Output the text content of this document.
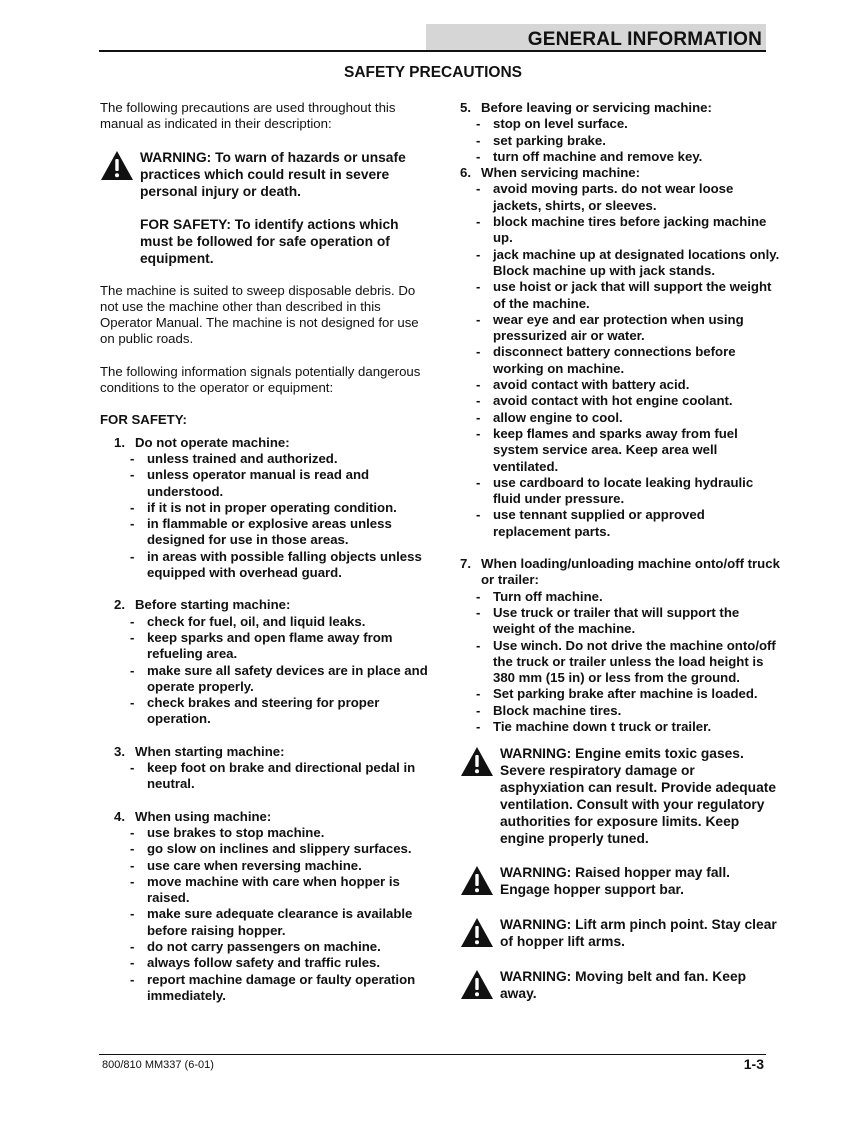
GENERAL INFORMATION
SAFETY PRECAUTIONS

The following precautions are used throughout this manual as indicated in their description:

WARNING: To warn of hazards or unsafe practices which could result in severe personal injury or death.

FOR SAFETY: To identify actions which must be followed for safe operation of equipment.

The machine is suited to sweep disposable debris. Do not use the machine other than described in this Operator Manual. The machine is not designed for use on public roads.

The following information signals potentially dangerous conditions to the operator or equipment:

FOR SAFETY:

1. Do not operate machine:
- unless trained and authorized.
- unless operator manual is read and understood.
- if it is not in proper operating condition.
- in flammable or explosive areas unless designed for use in those areas.
- in areas with possible falling objects unless equipped with overhead guard.
2. Before starting machine:
- check for fuel, oil, and liquid leaks.
- keep sparks and open flame away from refueling area.
- make sure all safety devices are in place and operate properly.
- check brakes and steering for proper operation.
3. When starting machine:
- keep foot on brake and directional pedal in neutral.
4. When using machine:
- use brakes to stop machine.
- go slow on inclines and slippery surfaces.
- use care when reversing machine.
- move machine with care when hopper is raised.
- make sure adequate clearance is available before raising hopper.
- do not carry passengers on machine.
- always follow safety and traffic rules.
- report machine damage or faulty operation immediately.
5. Before leaving or servicing machine:
- stop on level surface.
- set parking brake.
- turn off machine and remove key.
6. When servicing machine:
- avoid moving parts. do not wear loose jackets, shirts, or sleeves.
- block machine tires before jacking machine up.
- jack machine up at designated locations only. Block machine up with jack stands.
- use hoist or jack that will support the weight of the machine.
- wear eye and ear protection when using pressurized air or water.
- disconnect battery connections before working on machine.
- avoid contact with battery acid.
- avoid contact with hot engine coolant.
- allow engine to cool.
- keep flames and sparks away from fuel system service area. Keep area well ventilated.
- use cardboard to locate leaking hydraulic fluid under pressure.
- use tennant supplied or approved replacement parts.
7. When loading/unloading machine onto/off truck or trailer:
- Turn off machine.
- Use truck or trailer that will support the weight of the machine.
- Use winch. Do not drive the machine onto/off the truck or trailer unless the load height is 380 mm (15 in) or less from the ground.
- Set parking brake after machine is loaded.
- Block machine tires.
- Tie machine down t truck or trailer.

WARNING: Engine emits toxic gases. Severe respiratory damage or asphyxiation can result. Provide adequate ventilation. Consult with your regulatory authorities for exposure limits. Keep engine properly tuned.

WARNING: Raised hopper may fall. Engage hopper support bar.

WARNING: Lift arm pinch point. Stay clear of hopper lift arms.

WARNING: Moving belt and fan. Keep away.

800/810 MM337 (6-01)	1-3
